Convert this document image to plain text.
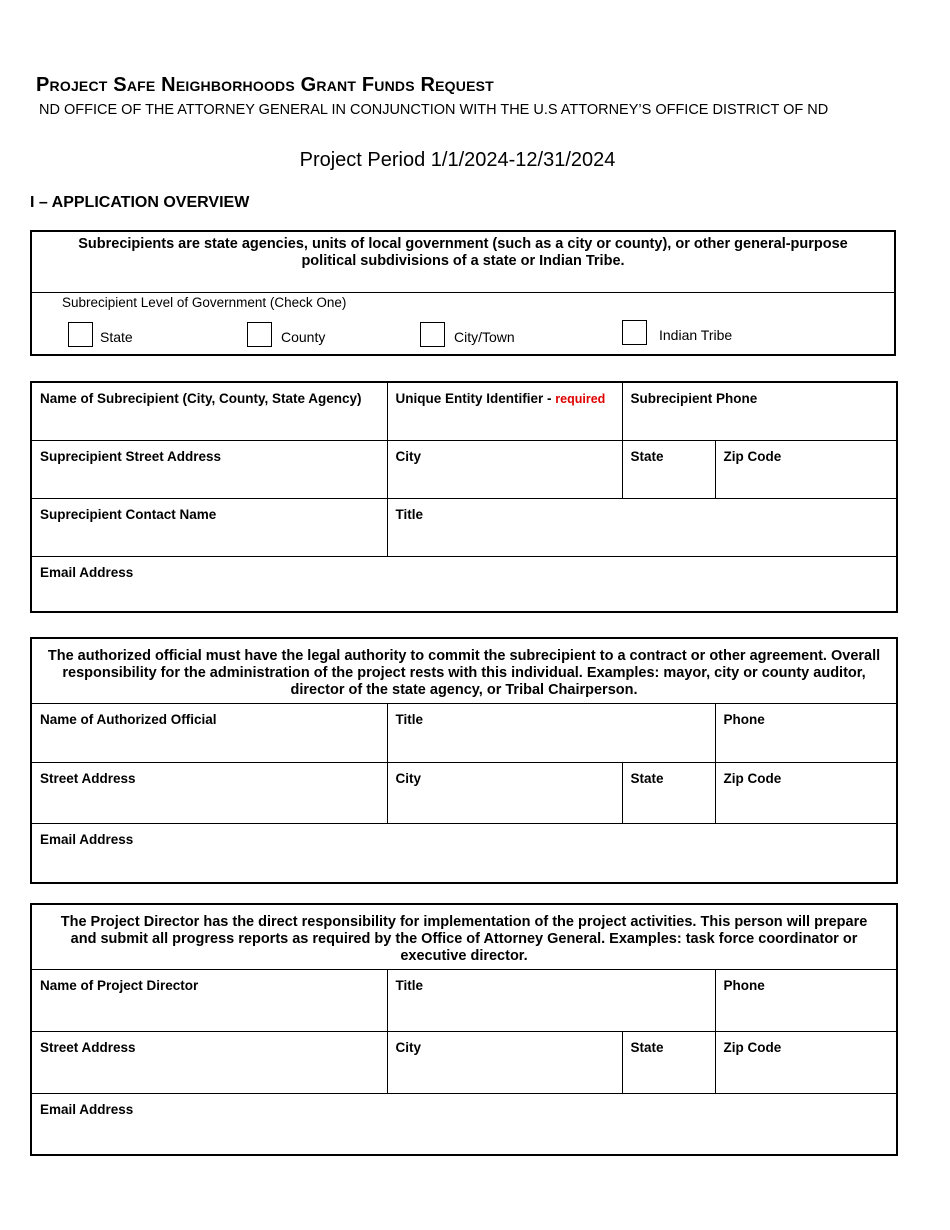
Project Safe Neighborhoods Grant Funds Request

ND OFFICE OF THE ATTORNEY GENERAL IN CONJUNCTION WITH THE U.S ATTORNEY’S OFFICE DISTRICT OF ND

Project Period 1/1/2024-12/31/2024

I – APPLICATION OVERVIEW
Subrecipients are state agencies, units of local government (such as a city or county), or other general-purpose political subdivisions of a state or Indian Tribe.
Subrecipient Level of Government (Check One)
State	County	City/Town	Indian Tribe
Name of Subrecipient (City, County, State Agency)	Unique Entity Identifier - required	Subrecipient Phone	
Suprecipient Street Address	City	State	Zip Code
Suprecipient Contact Name	Title		
Email Address			
The authorized official must have the legal authority to commit the subrecipient to a contract or other agreement. Overall responsibility for the administration of the project rests with this individual. Examples: mayor, city or county auditor, director of the state agency, or Tribal Chairperson.			
Name of Authorized Official	Title		Phone
Street Address	City	State	Zip Code
Email Address			
The Project Director has the direct responsibility for implementation of the project activities. This person will prepare and submit all progress reports as required by the Office of Attorney General. Examples: task force coordinator or executive director.			
Name of Project Director	Title		Phone
Street Address	City	State	Zip Code
Email Address			
